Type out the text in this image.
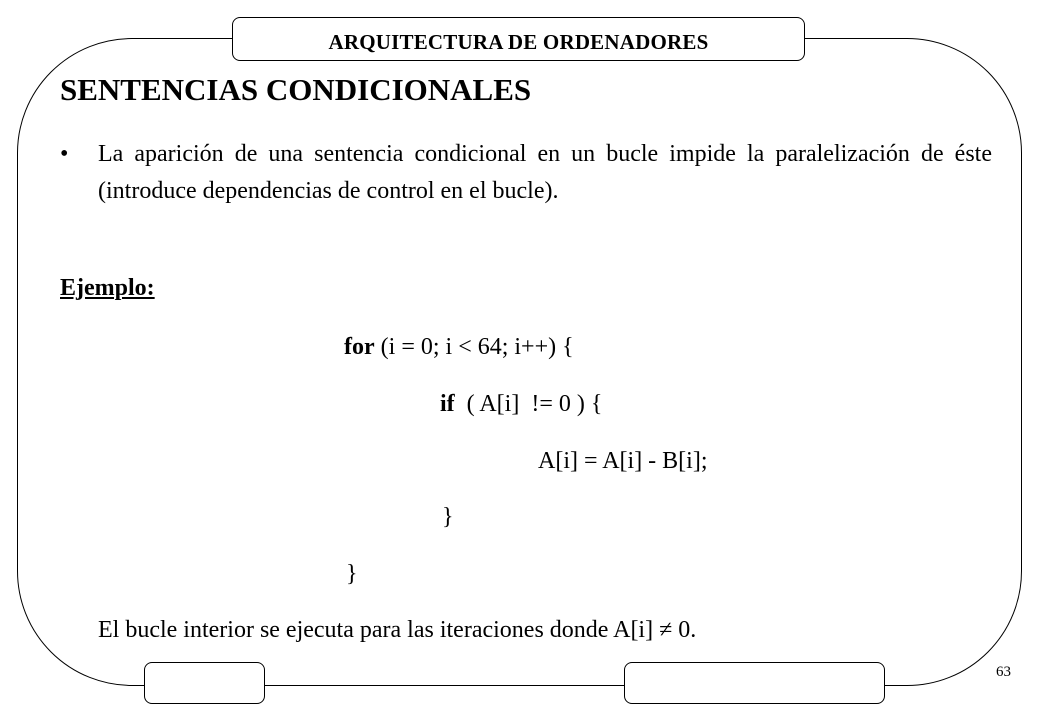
ARQUITECTURA DE ORDENADORES
63
SENTENCIAS CONDICIONALES
• La aparición de una sentencia condicional en un bucle impide la paralelización de éste (introduce dependencias de control en el bucle).
Ejemplo:
for (i = 0; i < 64; i++) {
if  ( A[i]  != 0 ) {
A[i] = A[i] - B[i];
}
}
El bucle interior se ejecuta para las iteraciones donde A[i] ≠ 0.
